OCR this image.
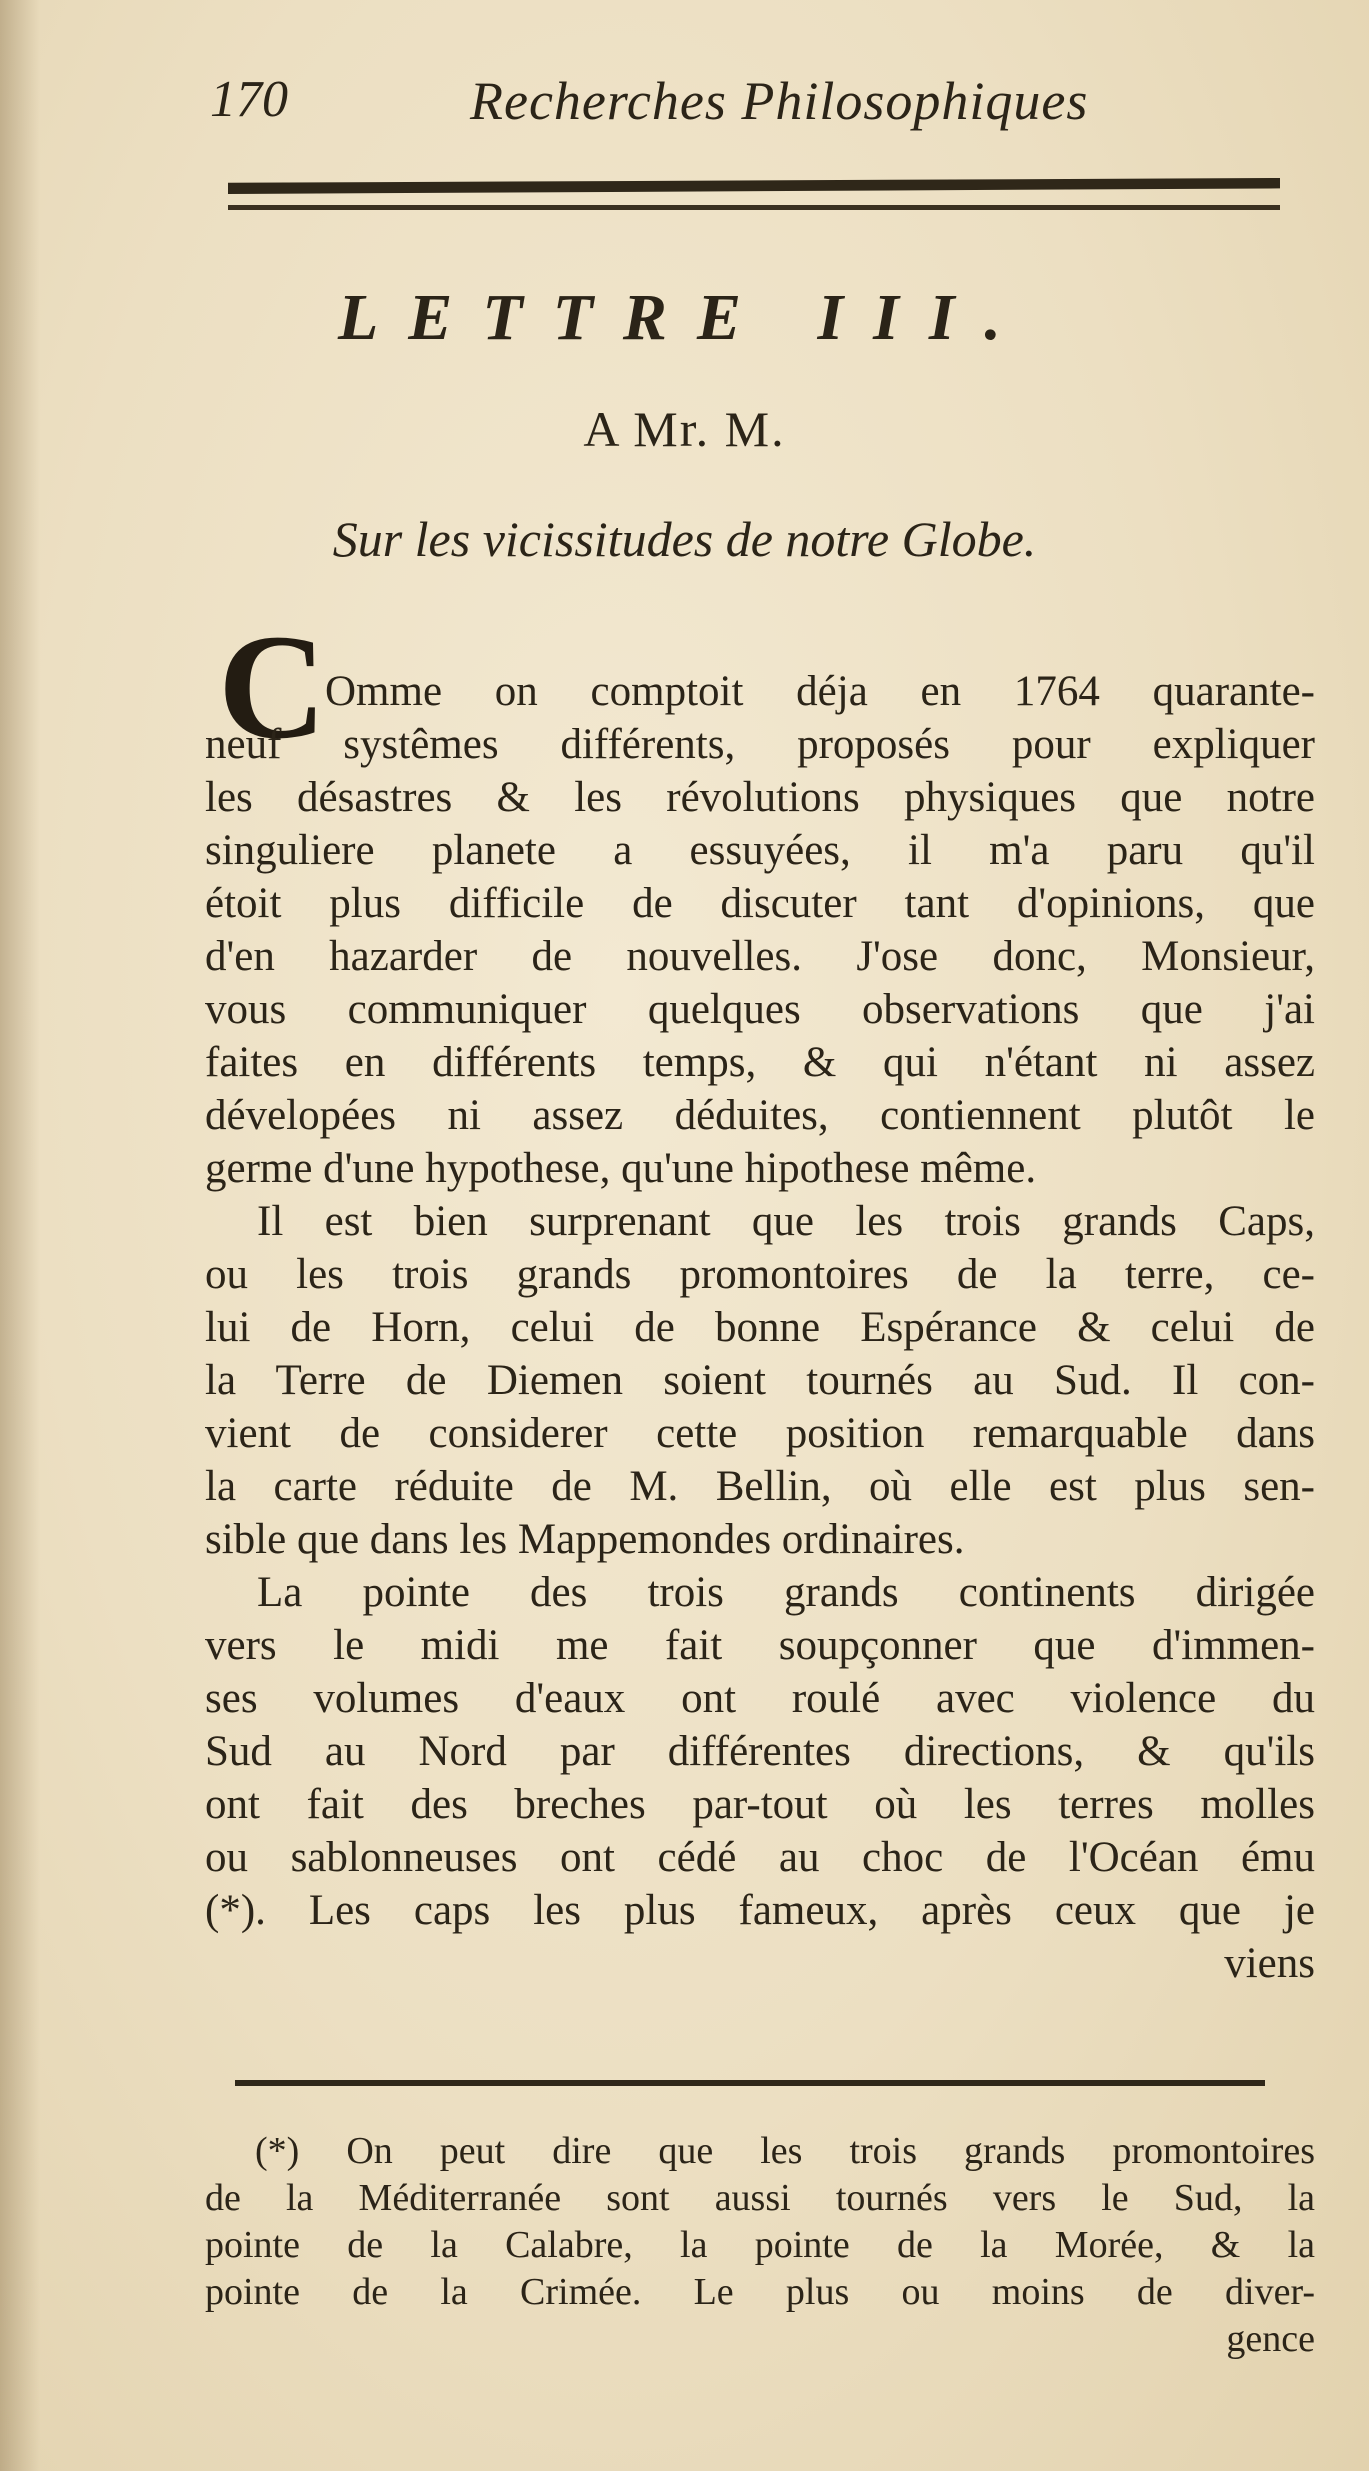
170	Recherches Philosophiques
LETTRE III.
A Mr. M.
Sur les vicissitudes de notre Globe.
C
Omme on comptoit déja en 1764 quarante-
neuf systêmes différents, proposés pour expliquer
les désastres & les révolutions physiques que notre
singuliere planete a essuyées, il m'a paru qu'il
étoit plus difficile de discuter tant d'opinions, que
d'en hazarder de nouvelles. J'ose donc, Monsieur,
vous communiquer quelques observations que j'ai
faites en différents temps, & qui n'étant ni assez
dévelopées ni assez déduites, contiennent plutôt le
germe d'une hypothese, qu'une hipothese même.
Il est bien surprenant que les trois grands Caps,
ou les trois grands promontoires de la terre, ce-
lui de Horn, celui de bonne Espérance & celui de
la Terre de Diemen soient tournés au Sud. Il con-
vient de considerer cette position remarquable dans
la carte réduite de M. Bellin, où elle est plus sen-
sible que dans les Mappemondes ordinaires.
La pointe des trois grands continents dirigée
vers le midi me fait soupçonner que d'immen-
ses volumes d'eaux ont roulé avec violence du
Sud au Nord par différentes directions, & qu'ils
ont fait des breches par-tout où les terres molles
ou sablonneuses ont cédé au choc de l'Océan ému
(*). Les caps les plus fameux, après ceux que je
viens
(*) On peut dire que les trois grands promontoires
de la Méditerranée sont aussi tournés vers le Sud, la
pointe de la Calabre, la pointe de la Morée, & la
pointe de la Crimée. Le plus ou moins de diver-
gence
